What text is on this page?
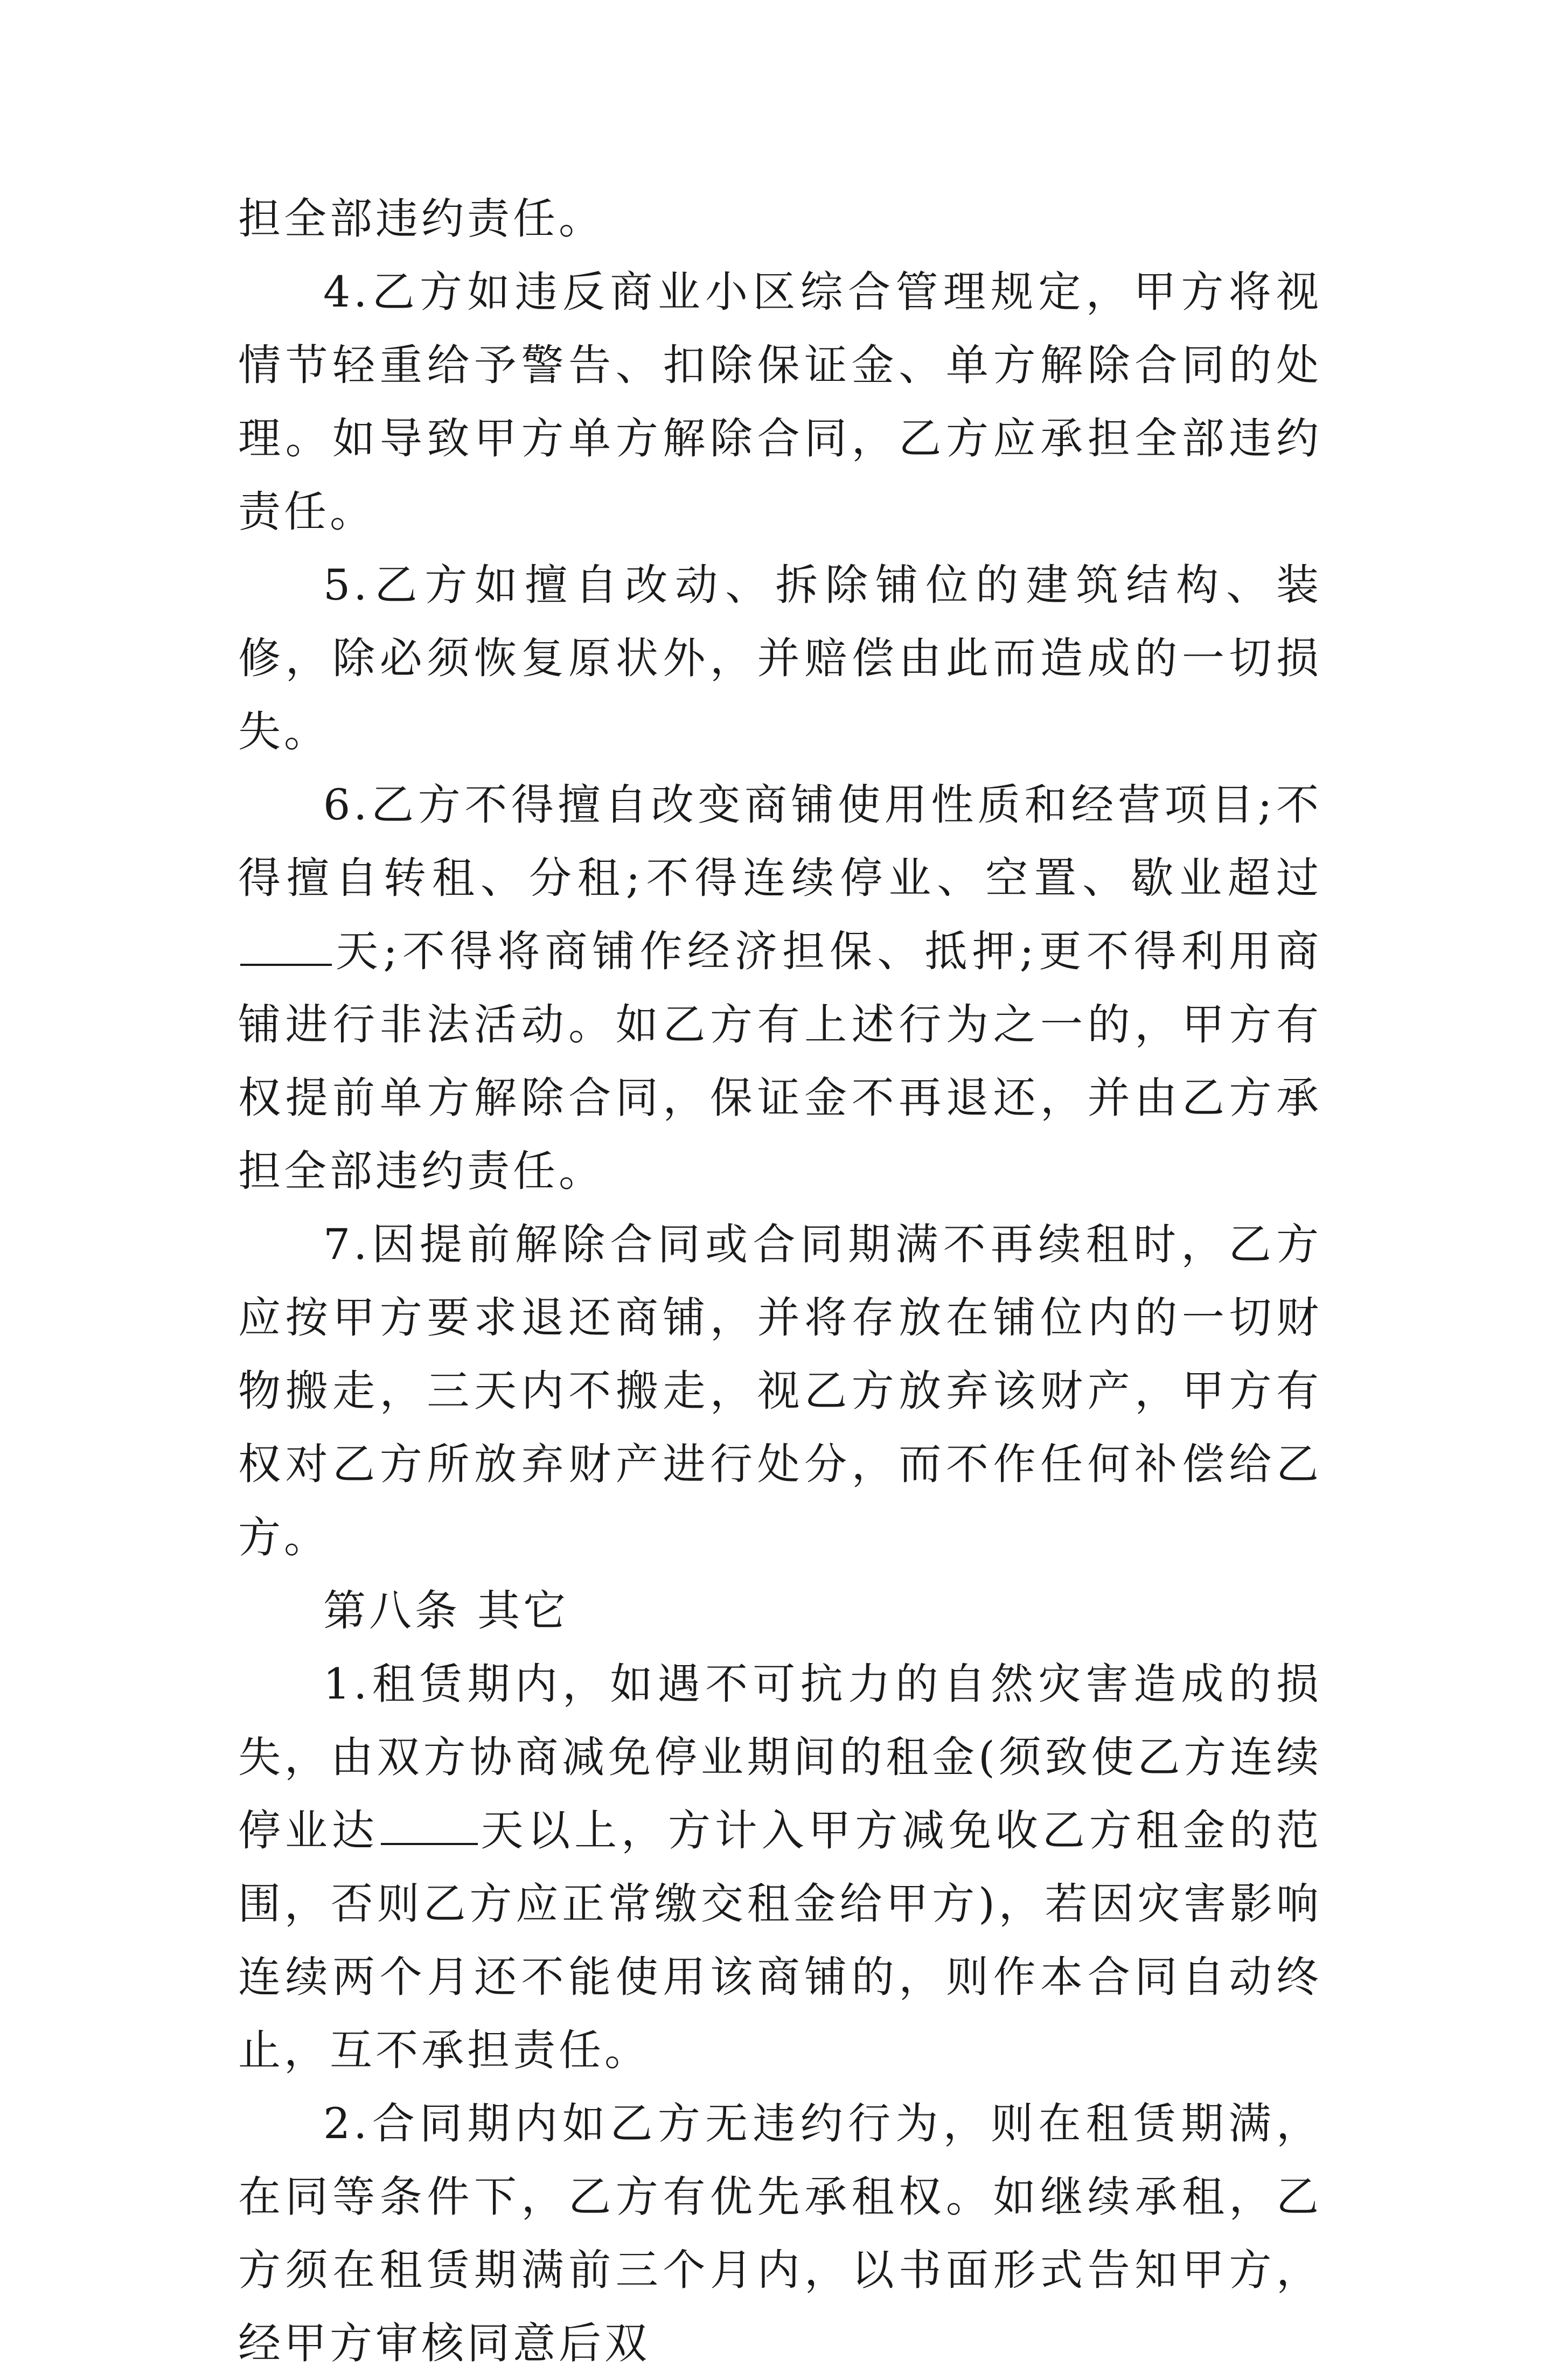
担全部违约责任。

4.乙方如违反商业小区综合管理规定，甲方将视情节轻重给予警告、扣除保证金、单方解除合同的处理。如导致甲方单方解除合同，乙方应承担全部违约责任。

5.乙方如擅自改动、拆除铺位的建筑结构、装修，除必须恢复原状外，并赔偿由此而造成的一切损失。

6.乙方不得擅自改变商铺使用性质和经营项目;不得擅自转租、分租;不得连续停业、空置、歇业超过天;不得将商铺作经济担保、抵押;更不得利用商铺进行非法活动。如乙方有上述行为之一的，甲方有权提前单方解除合同，保证金不再退还，并由乙方承担全部违约责任。

7.因提前解除合同或合同期满不再续租时，乙方应按甲方要求退还商铺，并将存放在铺位内的一切财物搬走，三天内不搬走，视乙方放弃该财产，甲方有权对乙方所放弃财产进行处分，而不作任何补偿给乙方。

第八条 其它

1.租赁期内，如遇不可抗力的自然灾害造成的损失，由双方协商减免停业期间的租金(须致使乙方连续停业达 天以上，方计入甲方减免收乙方租金的范围，否则乙方应正常缴交租金给甲方)，若因灾害影响连续两个月还不能使用该商铺的，则作本合同自动终止，互不承担责任。

2.合同期内如乙方无违约行为，则在租赁期满，在同等条件下，乙方有优先承租权。如继续承租，乙方须在租赁期满前三个月内，以书面形式告知甲方，经甲方审核同意后双
